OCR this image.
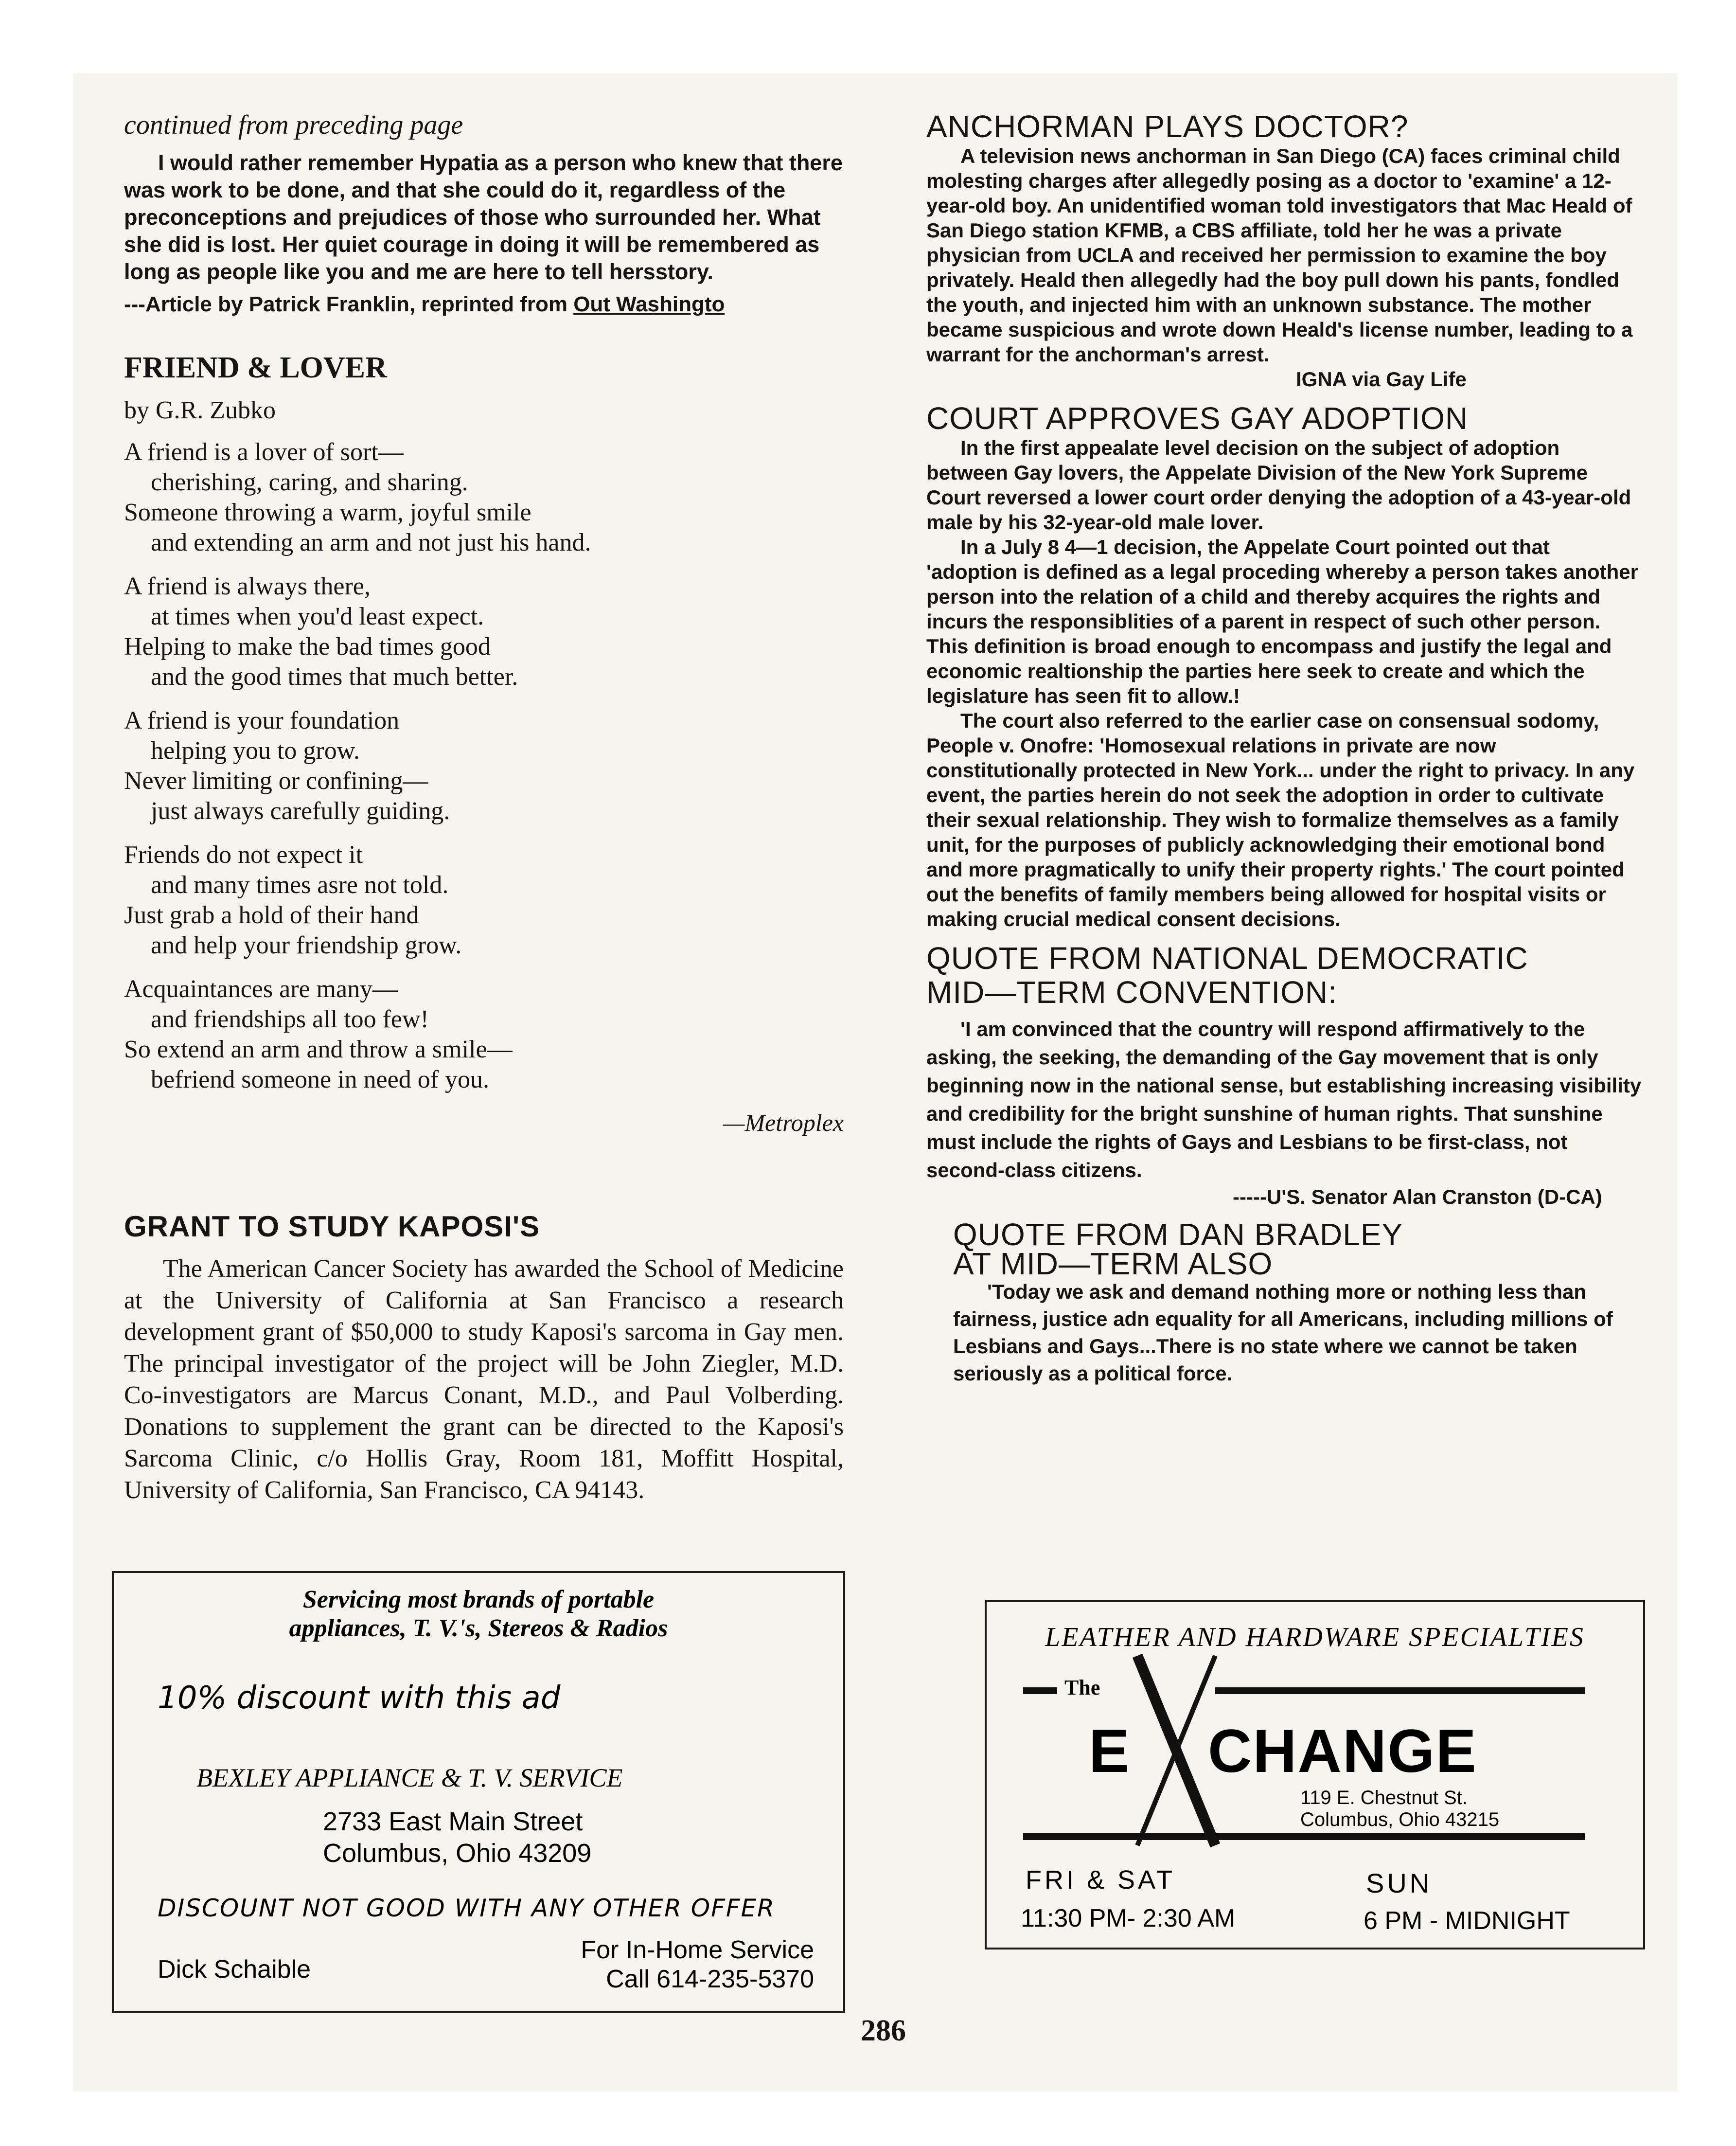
continued from preceding page

I would rather remember Hypatia as a person who knew that there was work to be done, and that she could do it, regardless of the preconceptions and prejudices of those who surrounded her. What she did is lost. Her quiet courage in doing it will be remembered as long as people like you and me are here to tell hersstory.

---Article by Patrick Franklin, reprinted from Out Washingto

FRIEND & LOVER

by G.R. Zubko

A friend is a lover of sort—
cherishing, caring, and sharing.
Someone throwing a warm, joyful smile
and extending an arm and not just his hand.
A friend is always there,
at times when you'd least expect.
Helping to make the bad times good
and the good times that much better.
A friend is your foundation
helping you to grow.
Never limiting or confining—
just always carefully guiding.
Friends do not expect it
and many times asre not told.
Just grab a hold of their hand
and help your friendship grow.
Acquaintances are many—
and friendships all too few!
So extend an arm and throw a smile—
befriend someone in need of you.

—Metroplex

GRANT TO STUDY KAPOSI'S

The American Cancer Society has awarded the School of Medicine at the University of California at San Francisco a research development grant of $50,000 to study Kaposi's sarcoma in Gay men. The principal investigator of the project will be John Ziegler, M.D. Co-investigators are Marcus Conant, M.D., and Paul Volberding. Donations to supplement the grant can be directed to the Kaposi's Sarcoma Clinic, c/o Hollis Gray, Room 181, Moffitt Hospital, University of California, San Francisco, CA 94143.

Servicing most brands of portable
appliances, T. V.'s, Stereos & Radios
10% discount with this ad
BEXLEY APPLIANCE & T. V. SERVICE
2733 East Main Street
Columbus, Ohio 43209
DISCOUNT NOT GOOD WITH ANY OTHER OFFER
Dick Schaible
For In-Home Service
Call 614-235-5370

ANCHORMAN PLAYS DOCTOR?

A television news anchorman in San Diego (CA) faces criminal child molesting charges after allegedly posing as a doctor to 'examine' a 12-year-old boy. An unidentified woman told investigators that Mac Heald of San Diego station KFMB, a CBS affiliate, told her he was a private physician from UCLA and received her permission to examine the boy privately. Heald then allegedly had the boy pull down his pants, fondled the youth, and injected him with an unknown substance. The mother became suspicious and wrote down Heald's license number, leading to a warrant for the anchorman's arrest.

IGNA via Gay Life

COURT APPROVES GAY ADOPTION

In the first appealate level decision on the subject of adoption between Gay lovers, the Appelate Division of the New York Supreme Court reversed a lower court order denying the adoption of a 43-year-old male by his 32-year-old male lover.

In a July 8 4—1 decision, the Appelate Court pointed out that 'adoption is defined as a legal proceding whereby a person takes another person into the relation of a child and thereby acquires the rights and incurs the responsiblities of a parent in respect of such other person. This definition is broad enough to encompass and justify the legal and economic realtionship the parties here seek to create and which the legislature has seen fit to allow.!

The court also referred to the earlier case on consensual sodomy, People v. Onofre: 'Homosexual relations in private are now constitutionally protected in New York... under the right to privacy. In any event, the parties herein do not seek the adoption in order to cultivate their sexual relationship. They wish to formalize themselves as a family unit, for the purposes of publicly acknowledging their emotional bond and more pragmatically to unify their property rights.' The court pointed out the benefits of family members being allowed for hospital visits or making crucial medical consent decisions.

QUOTE FROM NATIONAL DEMOCRATIC

MID—TERM CONVENTION:

'I am convinced that the country will respond affirmatively to the asking, the seeking, the demanding of the Gay movement that is only beginning now in the national sense, but establishing increasing visibility and credibility for the bright sunshine of human rights. That sunshine must include the rights of Gays and Lesbians to be first-class, not second-class citizens.

-----U'S. Senator Alan Cranston (D-CA)

QUOTE FROM DAN BRADLEY

AT MID—TERM ALSO

'Today we ask and demand nothing more or nothing less than fairness, justice adn equality for all Americans, including millions of Lesbians and Gays...There is no state where we cannot be taken seriously as a political force.

LEATHER AND HARDWARE SPECIALTIES
The
E CHANGE
119 E. Chestnut St.
Columbus, Ohio 43215
FRI & SAT
11:30 PM- 2:30 AM
SUN
6 PM - MIDNIGHT
286
